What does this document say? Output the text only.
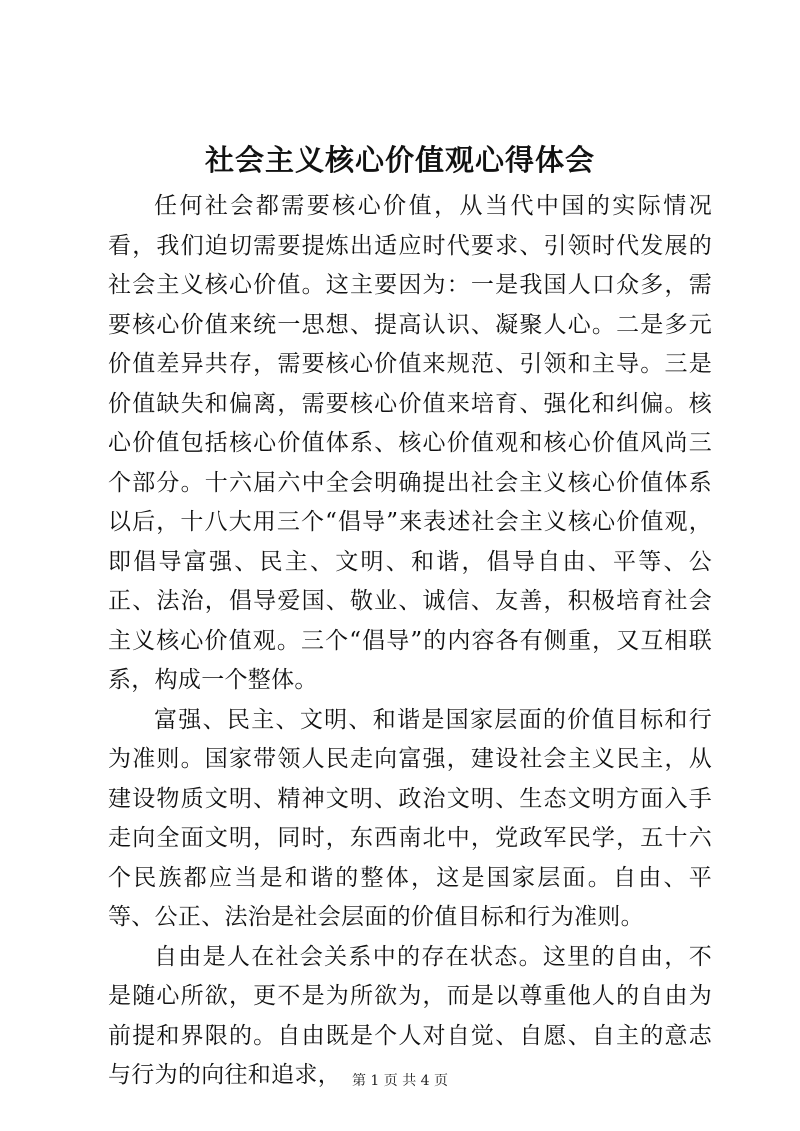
社会主义核心价值观心得体会

任何社会都需要核心价值，从当代中国的实际情况看，我们迫切需要提炼出适应时代要求、引领时代发展的社会主义核心价值。这主要因为：一是我国人口众多，需要核心价值来统一思想、提高认识、凝聚人心。二是多元价值差异共存，需要核心价值来规范、引领和主导。三是价值缺失和偏离，需要核心价值来培育、强化和纠偏。核心价值包括核心价值体系、核心价值观和核心价值风尚三个部分。十六届六中全会明确提出社会主义核心价值体系以后，十八大用三个“倡导”来表述社会主义核心价值观，即倡导富强、民主、文明、和谐，倡导自由、平等、公正、法治，倡导爱国、敬业、诚信、友善，积极培育社会主义核心价值观。三个“倡导”的内容各有侧重，又互相联系，构成一个整体。

富强、民主、文明、和谐是国家层面的价值目标和行为准则。国家带领人民走向富强，建设社会主义民主，从建设物质文明、精神文明、政治文明、生态文明方面入手走向全面文明，同时，东西南北中，党政军民学，五十六个民族都应当是和谐的整体，这是国家层面。自由、平等、公正、法治是社会层面的价值目标和行为准则。

自由是人在社会关系中的存在状态。这里的自由，不是随心所欲，更不是为所欲为，而是以尊重他人的自由为前提和界限的。自由既是个人对自觉、自愿、自主的意志与行为的向往和追求， 第 1 页 共 4 页
